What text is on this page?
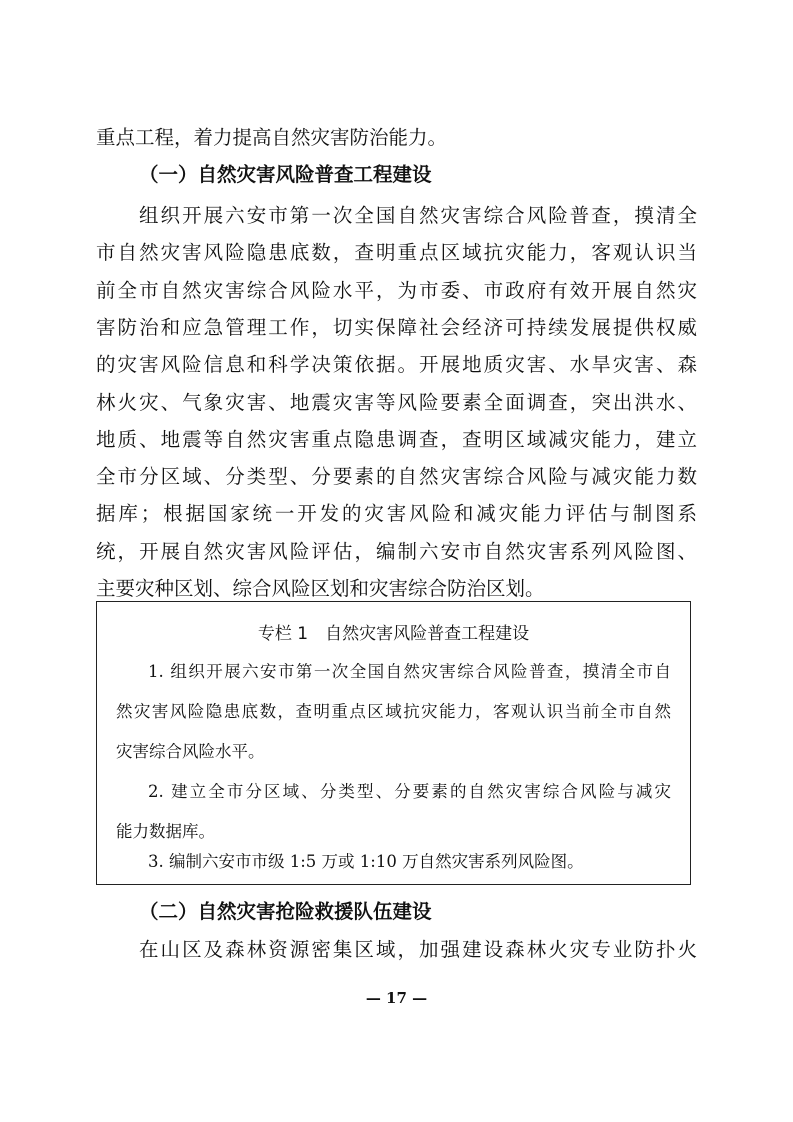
重点工程，着力提高自然灾害防治能力。
（一）自然灾害风险普查工程建设
组织开展六安市第一次全国自然灾害综合风险普查，摸清全
市自然灾害风险隐患底数，查明重点区域抗灾能力，客观认识当
前全市自然灾害综合风险水平，为市委、市政府有效开展自然灾
害防治和应急管理工作，切实保障社会经济可持续发展提供权威
的灾害风险信息和科学决策依据。开展地质灾害、水旱灾害、森
林火灾、气象灾害、地震灾害等风险要素全面调查，突出洪水、
地质、地震等自然灾害重点隐患调查，查明区域减灾能力，建立
全市分区域、分类型、分要素的自然灾害综合风险与减灾能力数
据库；根据国家统一开发的灾害风险和减灾能力评估与制图系
统，开展自然灾害风险评估，编制六安市自然灾害系列风险图、
主要灾种区划、综合风险区划和灾害综合防治区划。
专栏 1　自然灾害风险普查工程建设
1. 组织开展六安市第一次全国自然灾害综合风险普查，摸清全市自
然灾害风险隐患底数，查明重点区域抗灾能力，客观认识当前全市自然
灾害综合风险水平。
2. 建立全市分区域、分类型、分要素的自然灾害综合风险与减灾
能力数据库。
3. 编制六安市市级 1:5 万或 1:10 万自然灾害系列风险图。
（二）自然灾害抢险救援队伍建设
在山区及森林资源密集区域，加强建设森林火灾专业防扑火
— 17 —
